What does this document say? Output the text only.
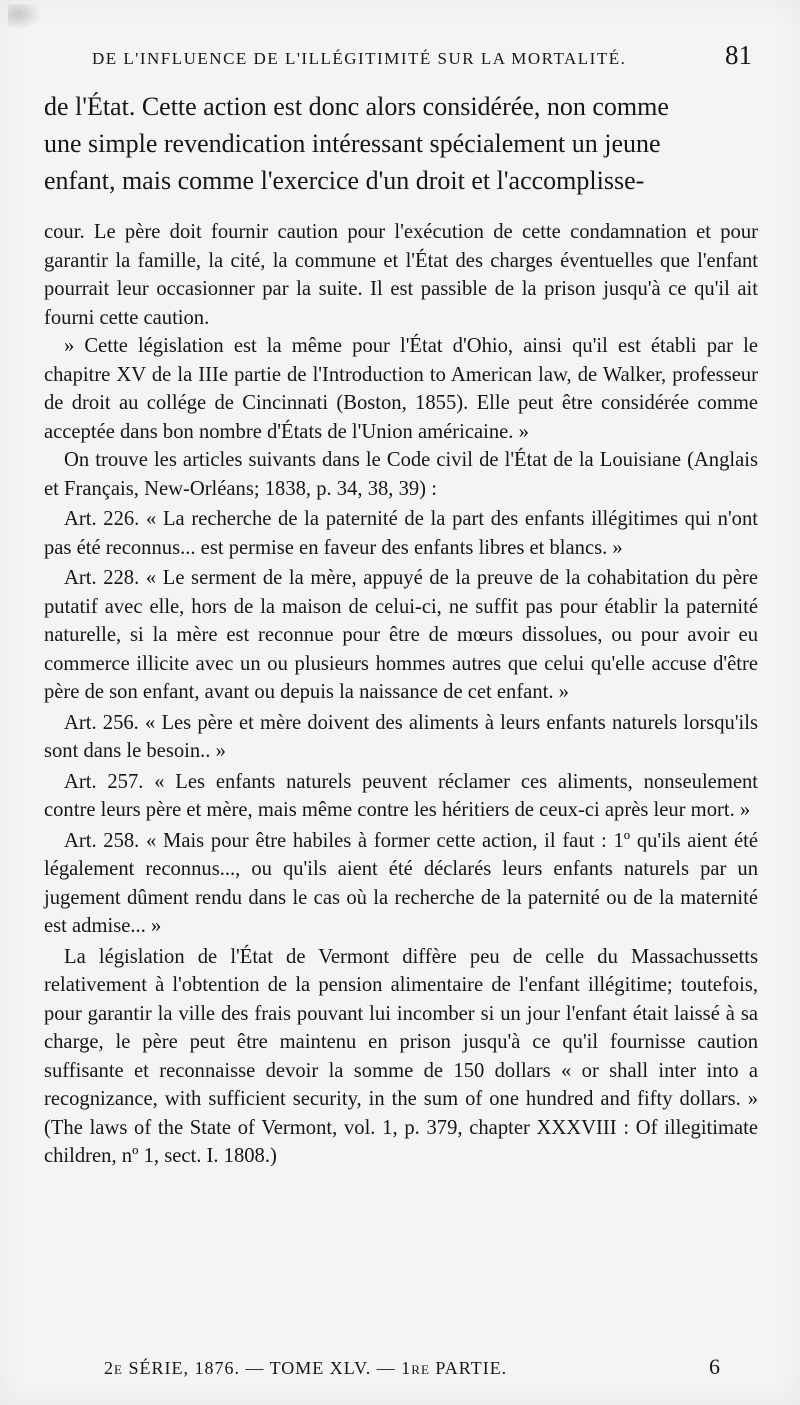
DE L'INFLUENCE DE L'ILLÉGITIMITÉ SUR LA MORTALITÉ.	81

de l'État. Cette action est donc alors considérée, non comme

une simple revendication intéressant spécialement un jeune

enfant, mais comme l'exercice d'un droit et l'accomplisse-

cour. Le père doit fournir caution pour l'exécution de cette condamnation et pour garantir la famille, la cité, la commune et l'État des charges éventuelles que l'enfant pourrait leur occasionner par la suite. Il est passible de la prison jusqu'à ce qu'il ait fourni cette caution.

» Cette législation est la même pour l'État d'Ohio, ainsi qu'il est établi par le chapitre XV de la IIIe partie de l'Introduction to American law, de Walker, professeur de droit au collége de Cincinnati (Boston, 1855). Elle peut être considérée comme acceptée dans bon nombre d'États de l'Union américaine. »

On trouve les articles suivants dans le Code civil de l'État de la Louisiane (Anglais et Français, New-Orléans; 1838, p. 34, 38, 39) :

Art. 226. « La recherche de la paternité de la part des enfants illégitimes qui n'ont pas été reconnus... est permise en faveur des enfants libres et blancs. »

Art. 228. « Le serment de la mère, appuyé de la preuve de la cohabitation du père putatif avec elle, hors de la maison de celui-ci, ne suffit pas pour établir la paternité naturelle, si la mère est reconnue pour être de mœurs dissolues, ou pour avoir eu commerce illicite avec un ou plusieurs hommes autres que celui qu'elle accuse d'être père de son enfant, avant ou depuis la naissance de cet enfant. »

Art. 256. « Les père et mère doivent des aliments à leurs enfants naturels lorsqu'ils sont dans le besoin.. »

Art. 257. « Les enfants naturels peuvent réclamer ces aliments, nonseulement contre leurs père et mère, mais même contre les héritiers de ceux-ci après leur mort. »

Art. 258. « Mais pour être habiles à former cette action, il faut : 1º qu'ils aient été légalement reconnus..., ou qu'ils aient été déclarés leurs enfants naturels par un jugement dûment rendu dans le cas où la recherche de la paternité ou de la maternité est admise... »

La législation de l'État de Vermont diffère peu de celle du Massachussetts relativement à l'obtention de la pension alimentaire de l'enfant illégitime; toutefois, pour garantir la ville des frais pouvant lui incomber si un jour l'enfant était laissé à sa charge, le père peut être maintenu en prison jusqu'à ce qu'il fournisse caution suffisante et reconnaisse devoir la somme de 150 dollars « or shall inter into a recognizance, with sufficient security, in the sum of one hundred and fifty dollars. » (The laws of the State of Vermont, vol. 1, p. 379, chapter XXXVIII : Of illegitimate children, nº 1, sect. I. 1808.)

2e SÉRIE, 1876. — TOME XLV. — 1re PARTIE.	6
